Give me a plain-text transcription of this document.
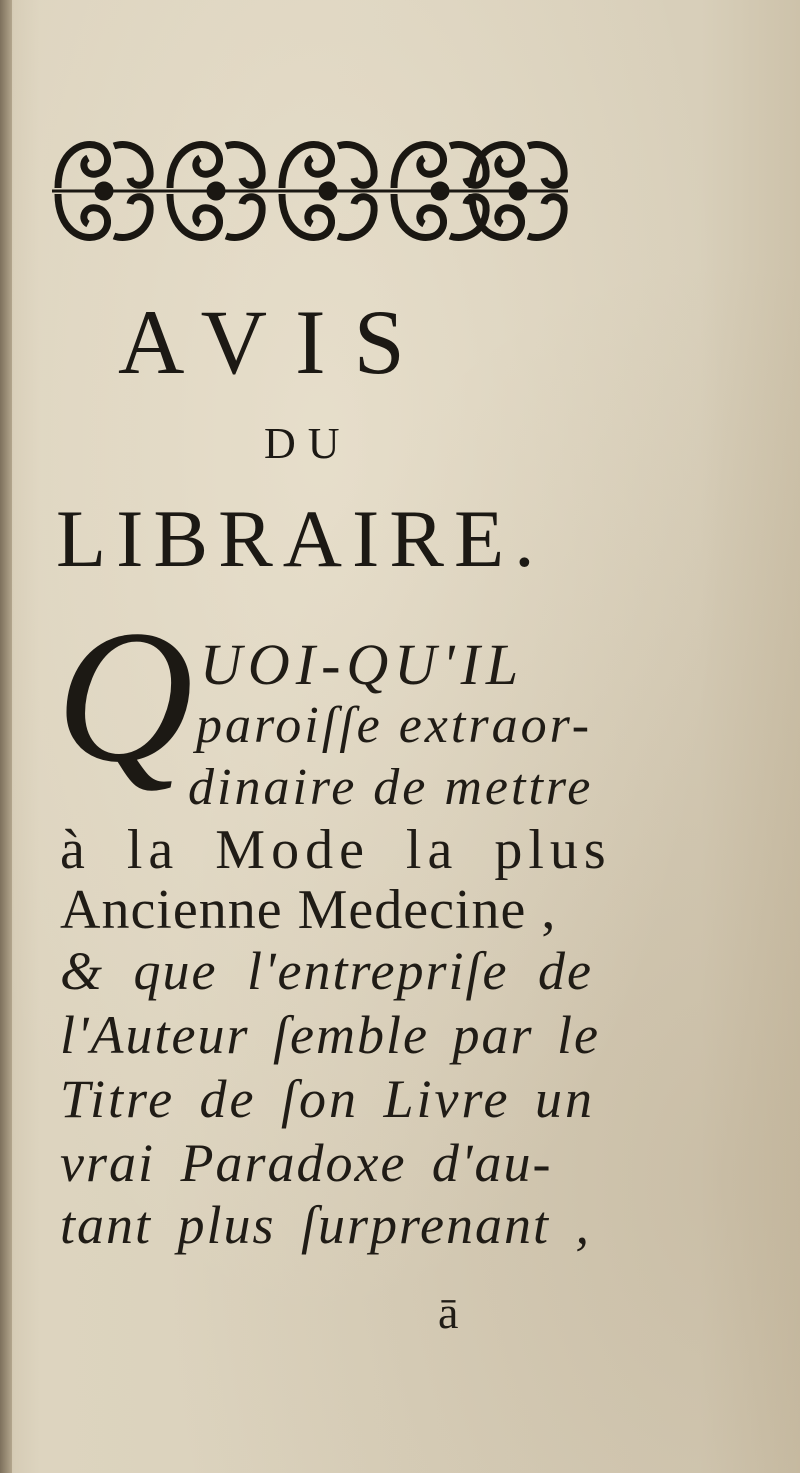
AVIS
DU
LIBRAIRE.
Q UOI-QU'IL
paroiſſe extraor-
dinaire de mettre
à la Mode la plus
Ancienne Medecine ,
& que l'entrepriſe de
l'Auteur ſemble par le
Titre de ſon Livre un
vrai Paradoxe d'au-
tant plus ſurprenant ,
ā
